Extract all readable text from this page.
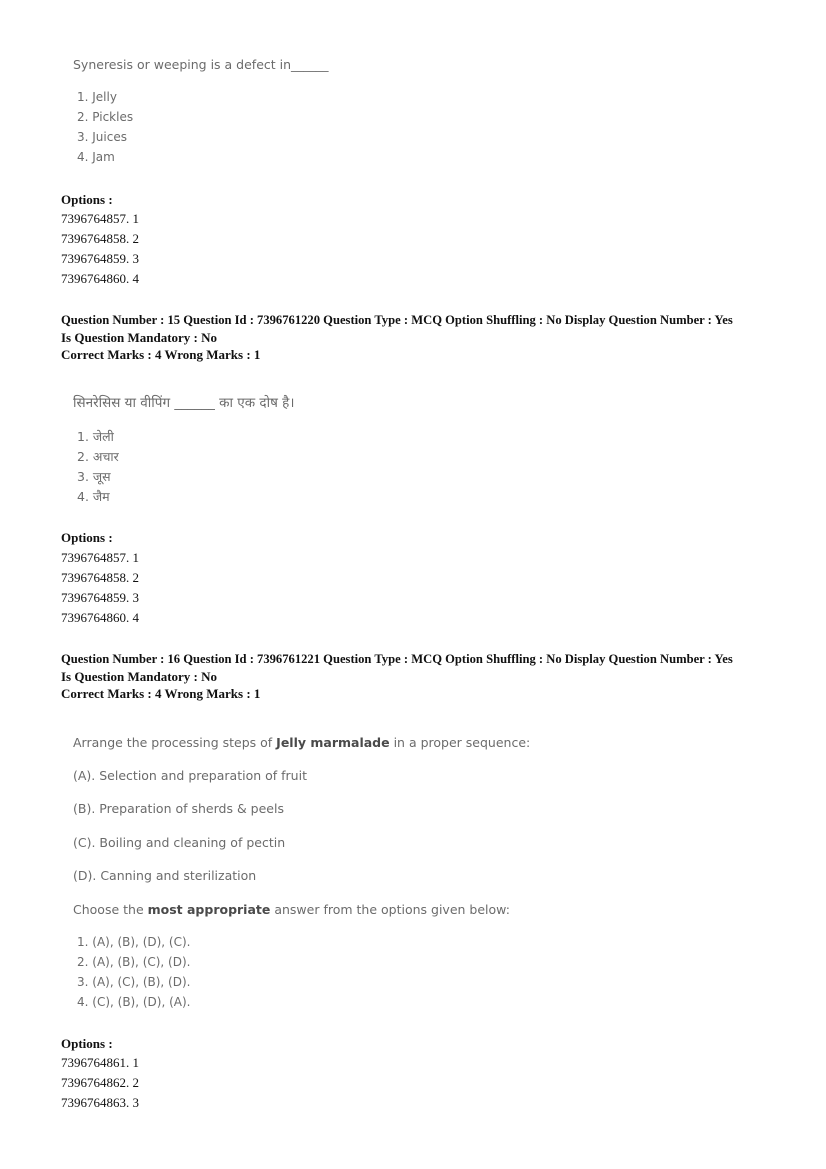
Syneresis or weeping is a defect in______
1. Jelly
2. Pickles
3. Juices
4. Jam
Options :
7396764857. 1
7396764858. 2
7396764859. 3
7396764860. 4
Question Number : 15 Question Id : 7396761220 Question Type : MCQ Option Shuffling : No Display Question Number : Yes
Is Question Mandatory : No
Correct Marks : 4 Wrong Marks : 1
सिनरेसिस या वीपिंग ______ का एक दोष है।
1. जेली
2. अचार
3. जूस
4. जैम
Options :
7396764857. 1
7396764858. 2
7396764859. 3
7396764860. 4
Question Number : 16 Question Id : 7396761221 Question Type : MCQ Option Shuffling : No Display Question Number : Yes
Is Question Mandatory : No
Correct Marks : 4 Wrong Marks : 1
Arrange the processing steps of Jelly marmalade in a proper sequence:
(A). Selection and preparation of fruit
(B). Preparation of sherds & peels
(C). Boiling and cleaning of pectin
(D). Canning and sterilization
Choose the most appropriate answer from the options given below:
1. (A), (B), (D), (C).
2. (A), (B), (C), (D).
3. (A), (C), (B), (D).
4. (C), (B), (D), (A).
Options :
7396764861. 1
7396764862. 2
7396764863. 3
